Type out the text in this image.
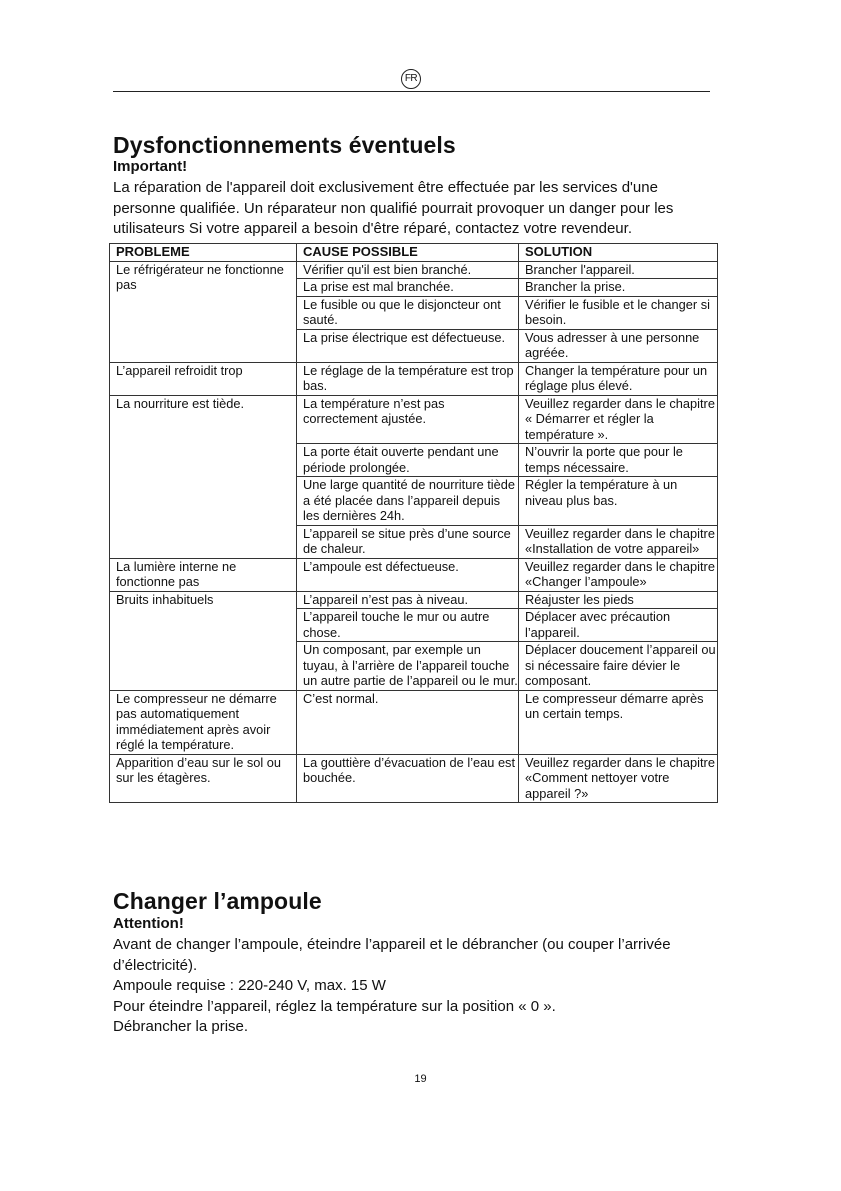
FR
Dysfonctionnements éventuels
Important!
La réparation de l'appareil doit exclusivement être effectuée par les services d'une personne qualifiée. Un réparateur non qualifié pourrait provoquer un danger pour les utilisateurs Si votre appareil a besoin d'être réparé, contactez votre revendeur.
PROBLEME	CAUSE POSSIBLE	SOLUTION
Le réfrigérateur ne fonctionne pas	Vérifier qu'il est bien branché.	Brancher l'appareil.
	La prise est mal branchée.	Brancher la prise.
	Le fusible ou que le disjoncteur ont sauté.	Vérifier le fusible et le changer si besoin.
	La prise électrique est défectueuse.	Vous adresser à une personne agréée.
L’appareil refroidit trop	Le réglage de la température est trop bas.	Changer la température pour un réglage plus élevé.
La nourriture est tiède.	La température n’est pas correctement ajustée.	Veuillez regarder dans le chapitre « Démarrer et régler la température ».
	La porte était ouverte pendant une période prolongée.	N’ouvrir la porte que pour le temps nécessaire.
	Une large quantité de nourriture tiède a été placée dans l’appareil depuis les dernières 24h.	Régler la température à un niveau plus bas.
	L’appareil se situe près d’une source de chaleur.	Veuillez regarder dans le chapitre «Installation de votre appareil»
La lumière interne ne fonctionne pas	L’ampoule est défectueuse.	Veuillez regarder dans le chapitre «Changer l’ampoule»
Bruits inhabituels	L’appareil n’est pas à niveau.	Réajuster les pieds
	L’appareil touche le mur ou autre chose.	Déplacer avec précaution l’appareil.
	Un composant, par exemple un tuyau, à l’arrière de l’appareil touche un autre partie de l’appareil ou le mur.	Déplacer doucement l’appareil ou si nécessaire faire dévier le composant.
Le compresseur ne démarre pas automatiquement immédiatement après avoir réglé la température.	C’est normal.	Le compresseur démarre après un certain temps.
Apparition d’eau sur le sol ou sur les étagères.	La gouttière d’évacuation de l’eau est bouchée.	Veuillez regarder dans le chapitre «Comment nettoyer votre appareil ?»
Changer l’ampoule
Attention!
Avant de changer l’ampoule, éteindre l’appareil et le débrancher (ou couper l’arrivée
d’électricité).
Ampoule requise : 220-240 V, max. 15 W
Pour éteindre l’appareil, réglez la température sur la position « 0 ».
Débrancher la prise.
19
